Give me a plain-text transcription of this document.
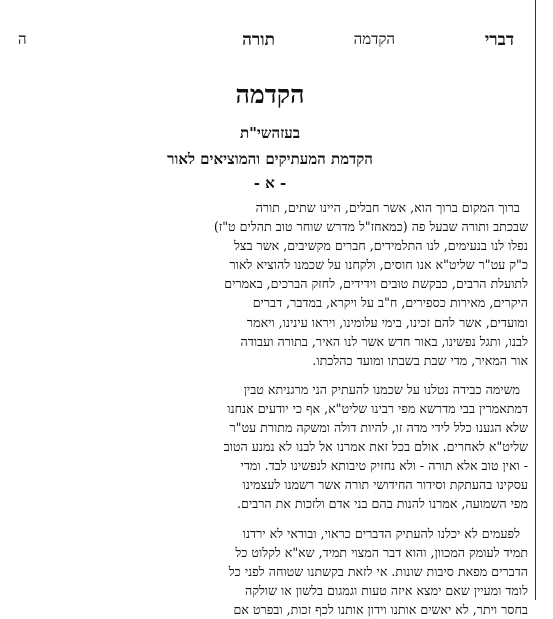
דברי
הקדמה
תורה
ה
הקדמה
בעזהשי"ת
הקדמת המעתיקים והמוציאים לאור
- א -

ברוך המקום ברוך הוא, אשר חבלים, היינו שתים, תורה
שבכתב ותורה שבעל פה (כמאחז"ל מדרש שוחר טוב תהלים ט"ז)
נפלו לנו בנעימים, לנו התלמידים, חברים מקשיבים, אשר בצל
כ"ק עט"ר שליט"א אנו חוסים, ולקחנו על שכמנו להוציא לאור
לתועלת הרבים, כבקשת טובים וידידים, לחזק הברכים, באמרים
היקרים, מאירות כספירים, ח"ב על ויקרא, במדבר, דברים
ומועדים, אשר להם זכינו, בימי עלומינו, ויראו עינינו, ויאמר
לבנו, ותגל נפשינו, באור חדש אשר לנו האיר, בתורה ועבודה
אור המאיר, מדי שבת בשבתו ומועד כהלכתו.

משימה כבידה נטלנו על שכמנו להעתיק הני מרגניתא טבין
דמתאמרין בבי מדרשא מפי רבינו שליט"א, אף כי יודעים אנחנו
שלא הגענו כלל לידי מדה זו, להיות דולה ומשקה מתורת עט"ר
שליט"א לאחרים. אולם בכל זאת אמרנו אל לבנו לא נמנע הטוב
- ואין טוב אלא תורה - ולא נחזיק טיבותא לנפשינו לבד. ומדי
עסקינו בהעתקת וסידור החידושי תורה אשר רשמנו לעצמינו
מפי השמועה, אמרנו להנות בהם בני אדם ולזכות את הרבים.

לפעמים לא יכלנו להעתיק הדברים כראוי, ובודאי לא ירדנו
תמיד לעומק המכוון, והוא דבר המצוי תמיד, שא"א לקלוט כל
הדברים מפאת סיבות שונות. אי לזאת בקשתנו שטוחה לפני כל
לומד ומעיין שאם ימצא איזה טעות וגמגום בלשון או שולקה
בחסר ויתר, לא יאשים אותנו וידון אותנו לכף זכות, ובפרט אם
